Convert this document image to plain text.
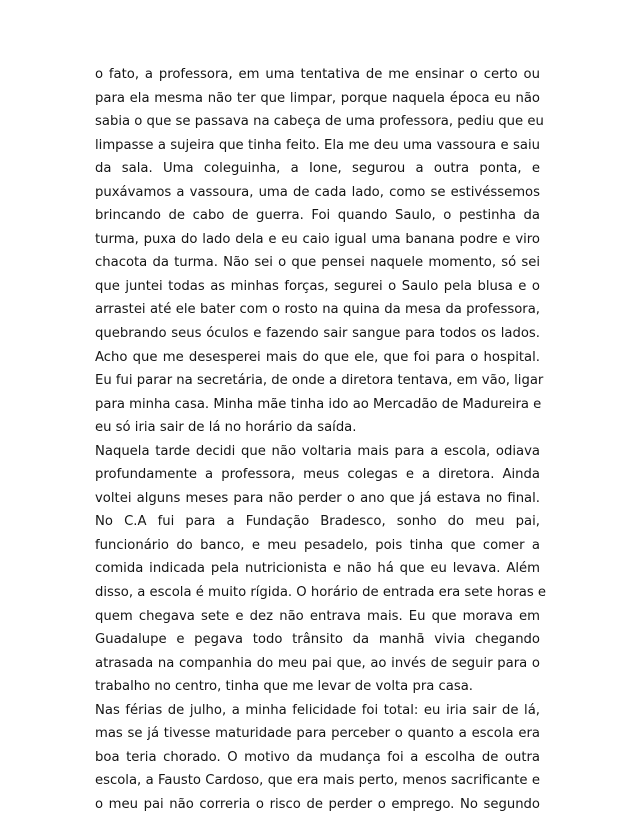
o fato, a professora, em uma tentativa de me ensinar o certo ou
para ela mesma não ter que limpar, porque naquela época eu não
sabia o que se passava na cabeça de uma professora, pediu que eu
limpasse a sujeira que tinha feito. Ela me deu uma vassoura e saiu
da sala. Uma coleguinha, a Ione, segurou a outra ponta, e
puxávamos a vassoura, uma de cada lado, como se estivéssemos
brincando de cabo de guerra. Foi quando Saulo, o pestinha da
turma, puxa do lado dela e eu caio igual uma banana podre e viro
chacota da turma. Não sei o que pensei naquele momento, só sei
que juntei todas as minhas forças, segurei o Saulo pela blusa e o
arrastei até ele bater com o rosto na quina da mesa da professora,
quebrando seus óculos e fazendo sair sangue para todos os lados.
Acho que me desesperei mais do que ele, que foi para o hospital.
Eu fui parar na secretária, de onde a diretora tentava, em vão, ligar
para minha casa. Minha mãe tinha ido ao Mercadão de Madureira e
eu só iria sair de lá no horário da saída.
Naquela tarde decidi que não voltaria mais para a escola, odiava
profundamente a professora, meus colegas e a diretora. Ainda
voltei alguns meses para não perder o ano que já estava no final.
No C.A fui para a Fundação Bradesco, sonho do meu pai,
funcionário do banco, e meu pesadelo, pois tinha que comer a
comida indicada pela nutricionista e não há que eu levava. Além
disso, a escola é muito rígida. O horário de entrada era sete horas e
quem chegava sete e dez não entrava mais. Eu que morava em
Guadalupe e pegava todo trânsito da manhã vivia chegando
atrasada na companhia do meu pai que, ao invés de seguir para o
trabalho no centro, tinha que me levar de volta pra casa.
Nas férias de julho, a minha felicidade foi total: eu iria sair de lá,
mas se já tivesse maturidade para perceber o quanto a escola era
boa teria chorado. O motivo da mudança foi a escolha de outra
escola, a Fausto Cardoso, que era mais perto, menos sacrificante e
o meu pai não correria o risco de perder o emprego. No segundo
